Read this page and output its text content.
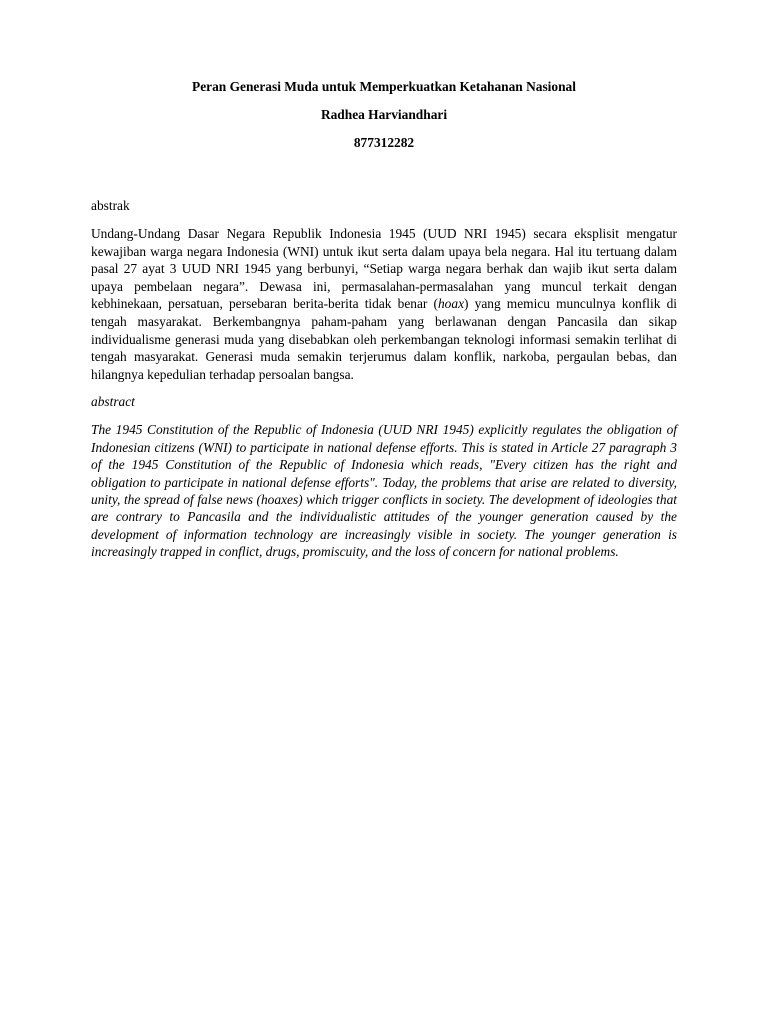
Peran Generasi Muda untuk Memperkuatkan Ketahanan Nasional

Radhea Harviandhari

877312282

abstrak

Undang-Undang Dasar Negara Republik Indonesia 1945 (UUD NRI 1945) secara eksplisit mengatur kewajiban warga negara Indonesia (WNI) untuk ikut serta dalam upaya bela negara. Hal itu tertuang dalam pasal 27 ayat 3 UUD NRI 1945 yang berbunyi, “Setiap warga negara berhak dan wajib ikut serta dalam upaya pembelaan negara”. Dewasa ini, permasalahan-permasalahan yang muncul terkait dengan kebhinekaan, persatuan, persebaran berita-berita tidak benar (hoax) yang memicu munculnya konflik di tengah masyarakat. Berkembangnya paham-paham yang berlawanan dengan Pancasila dan sikap individualisme generasi muda yang disebabkan oleh perkembangan teknologi informasi semakin terlihat di tengah masyarakat. Generasi muda semakin terjerumus dalam konflik, narkoba, pergaulan bebas, dan hilangnya kepedulian terhadap persoalan bangsa.

abstract

The 1945 Constitution of the Republic of Indonesia (UUD NRI 1945) explicitly regulates the obligation of Indonesian citizens (WNI) to participate in national defense efforts. This is stated in Article 27 paragraph 3 of the 1945 Constitution of the Republic of Indonesia which reads, "Every citizen has the right and obligation to participate in national defense efforts". Today, the problems that arise are related to diversity, unity, the spread of false news (hoaxes) which trigger conflicts in society. The development of ideologies that are contrary to Pancasila and the individualistic attitudes of the younger generation caused by the development of information technology are increasingly visible in society. The younger generation is increasingly trapped in conflict, drugs, promiscuity, and the loss of concern for national problems.
